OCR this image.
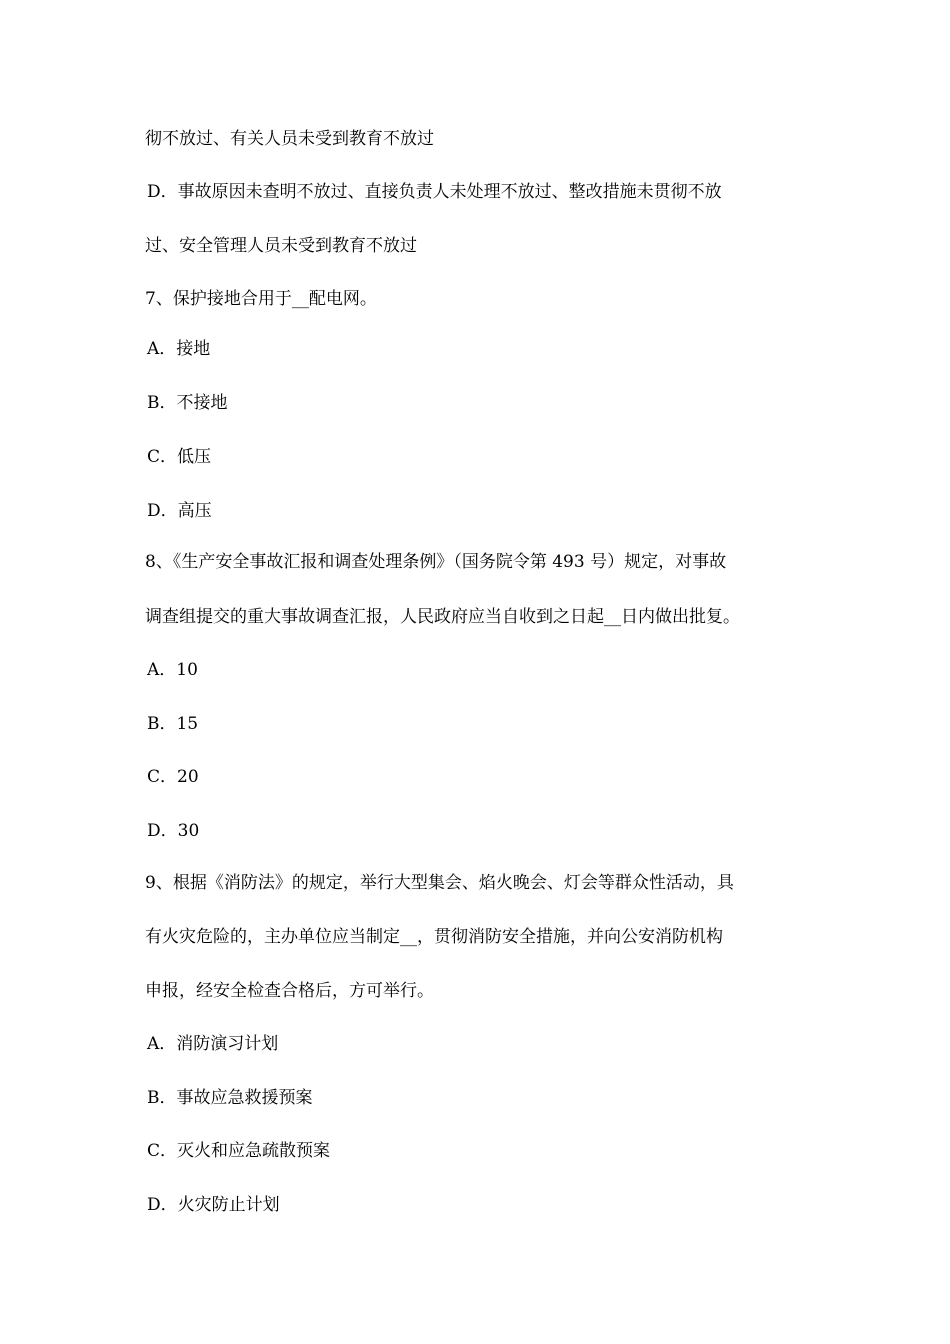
彻不放过、有关人员未受到教育不放过
D．事故原因未查明不放过、直接负责人未处理不放过、整改措施未贯彻不放
过、安全管理人员未受到教育不放过
7、保护接地合用于__配电网。
A．接地
B．不接地
C．低压
D．高压
8、《生产安全事故汇报和调查处理条例》（国务院令第 493 号）规定，对事故
调查组提交的重大事故调查汇报，人民政府应当自收到之日起__日内做出批复。
A．10
B．15
C．20
D．30
9、根据《消防法》的规定，举行大型集会、焰火晚会、灯会等群众性活动，具
有火灾危险的，主办单位应当制定__，贯彻消防安全措施，并向公安消防机构
申报，经安全检查合格后，方可举行。
A．消防演习计划
B．事故应急救援预案
C．灭火和应急疏散预案
D．火灾防止计划
